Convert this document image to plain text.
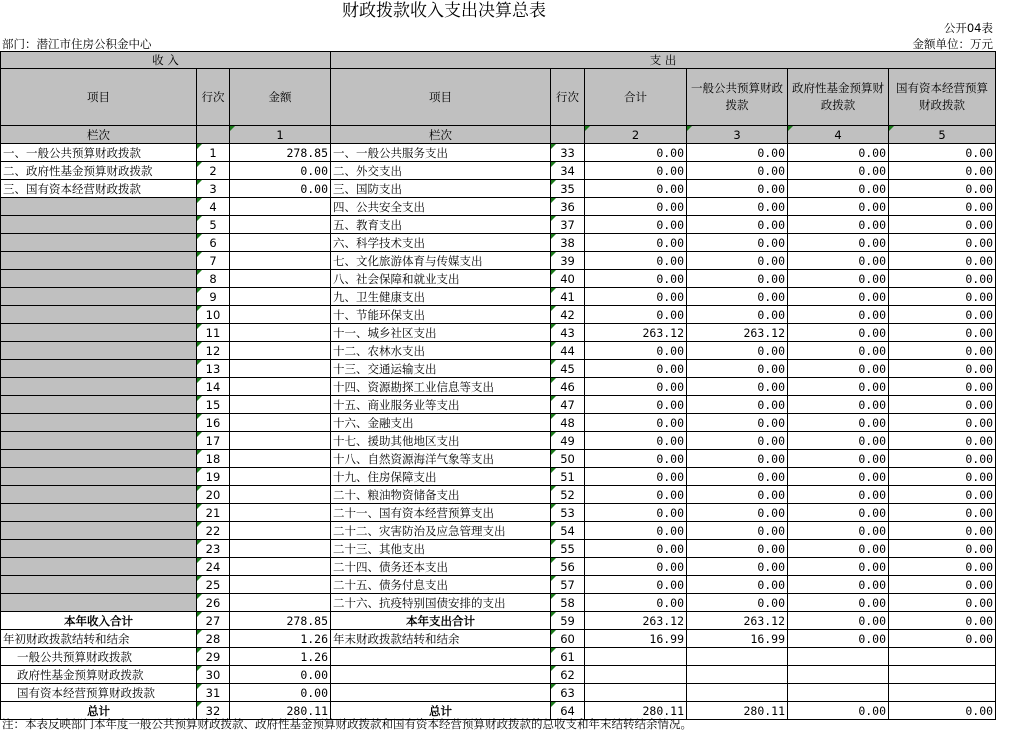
财政拨款收入支出决算总表
公开04表
部门：潜江市住房公积金中心	金额单位：万元
收 入			支 出					
项目	行次	金额	项目	行次	合计	一般公共预算财政拨款	政府性基金预算财政拨款	国有资本经营预算财政拨款
栏次		1	栏次		2	3	4	5
一、一般公共预算财政拨款	1	278.85	一、一般公共服务支出	33	0.00	0.00	0.00	0.00
二、政府性基金预算财政拨款	2	0.00	二、外交支出	34	0.00	0.00	0.00	0.00
三、国有资本经营财政拨款	3	0.00	三、国防支出	35	0.00	0.00	0.00	0.00
	4		四、公共安全支出	36	0.00	0.00	0.00	0.00
	5		五、教育支出	37	0.00	0.00	0.00	0.00
	6		六、科学技术支出	38	0.00	0.00	0.00	0.00
	7		七、文化旅游体育与传媒支出	39	0.00	0.00	0.00	0.00
	8		八、社会保障和就业支出	40	0.00	0.00	0.00	0.00
	9		九、卫生健康支出	41	0.00	0.00	0.00	0.00
	10		十、节能环保支出	42	0.00	0.00	0.00	0.00
	11		十一、城乡社区支出	43	263.12	263.12	0.00	0.00
	12		十二、农林水支出	44	0.00	0.00	0.00	0.00
	13		十三、交通运输支出	45	0.00	0.00	0.00	0.00
	14		十四、资源勘探工业信息等支出	46	0.00	0.00	0.00	0.00
	15		十五、商业服务业等支出	47	0.00	0.00	0.00	0.00
	16		十六、金融支出	48	0.00	0.00	0.00	0.00
	17		十七、援助其他地区支出	49	0.00	0.00	0.00	0.00
	18		十八、自然资源海洋气象等支出	50	0.00	0.00	0.00	0.00
	19		十九、住房保障支出	51	0.00	0.00	0.00	0.00
	20		二十、粮油物资储备支出	52	0.00	0.00	0.00	0.00
	21		二十一、国有资本经营预算支出	53	0.00	0.00	0.00	0.00
	22		二十二、灾害防治及应急管理支出	54	0.00	0.00	0.00	0.00
	23		二十三、其他支出	55	0.00	0.00	0.00	0.00
	24		二十四、债务还本支出	56	0.00	0.00	0.00	0.00
	25		二十五、债务付息支出	57	0.00	0.00	0.00	0.00
	26		二十六、抗疫特别国债安排的支出	58	0.00	0.00	0.00	0.00
本年收入合计	27	278.85	本年支出合计	59	263.12	263.12	0.00	0.00
年初财政拨款结转和结余	28	1.26	年末财政拨款结转和结余	60	16.99	16.99	0.00	0.00
一般公共预算财政拨款	29	1.26		61				
政府性基金预算财政拨款	30	0.00		62				
国有资本经营预算财政拨款	31	0.00		63				
总计	32	280.11	总计	64	280.11	280.11	0.00	0.00
注：本表反映部门本年度一般公共预算财政拨款、政府性基金预算财政拨款和国有资本经营预算财政拨款的总收支和年末结转结余情况。
